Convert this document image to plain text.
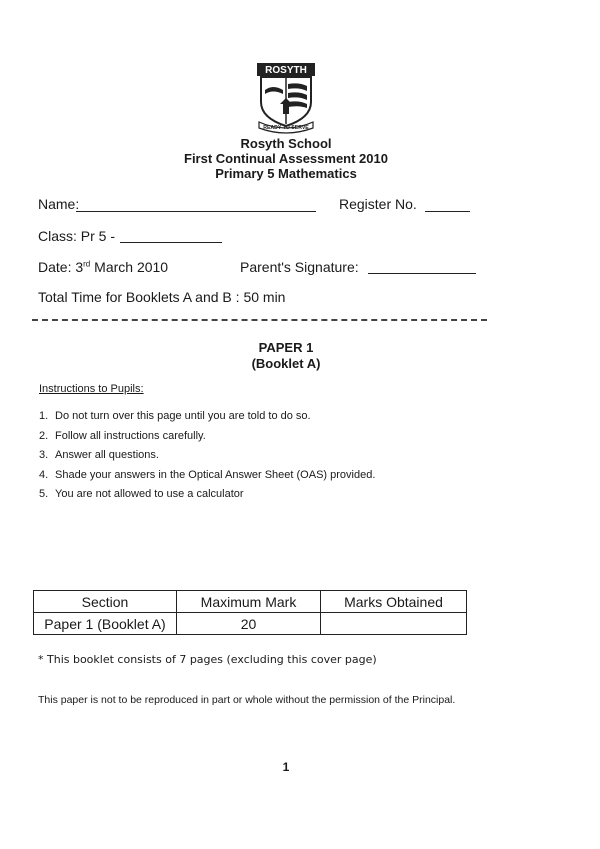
ROSYTH
READY TO SERVE
Rosyth School
First Continual Assessment 2010
Primary 5 Mathematics
Name:	Register No.
Class: Pr 5 -
Date: 3rd March 2010	Parent's Signature:
Total Time for Booklets A and B : 50 min
PAPER 1
(Booklet A)
Instructions to Pupils:
1. Do not turn over this page until you are told to do so.
2. Follow all instructions carefully.
3. Answer all questions.
4. Shade your answers in the Optical Answer Sheet (OAS) provided.
5. You are not allowed to use a calculator
Section	Maximum Mark	Marks Obtained
Paper 1 (Booklet A)	20	
* This booklet consists of 7 pages (excluding this cover page)
This paper is not to be reproduced in part or whole without the permission of the Principal.
1
